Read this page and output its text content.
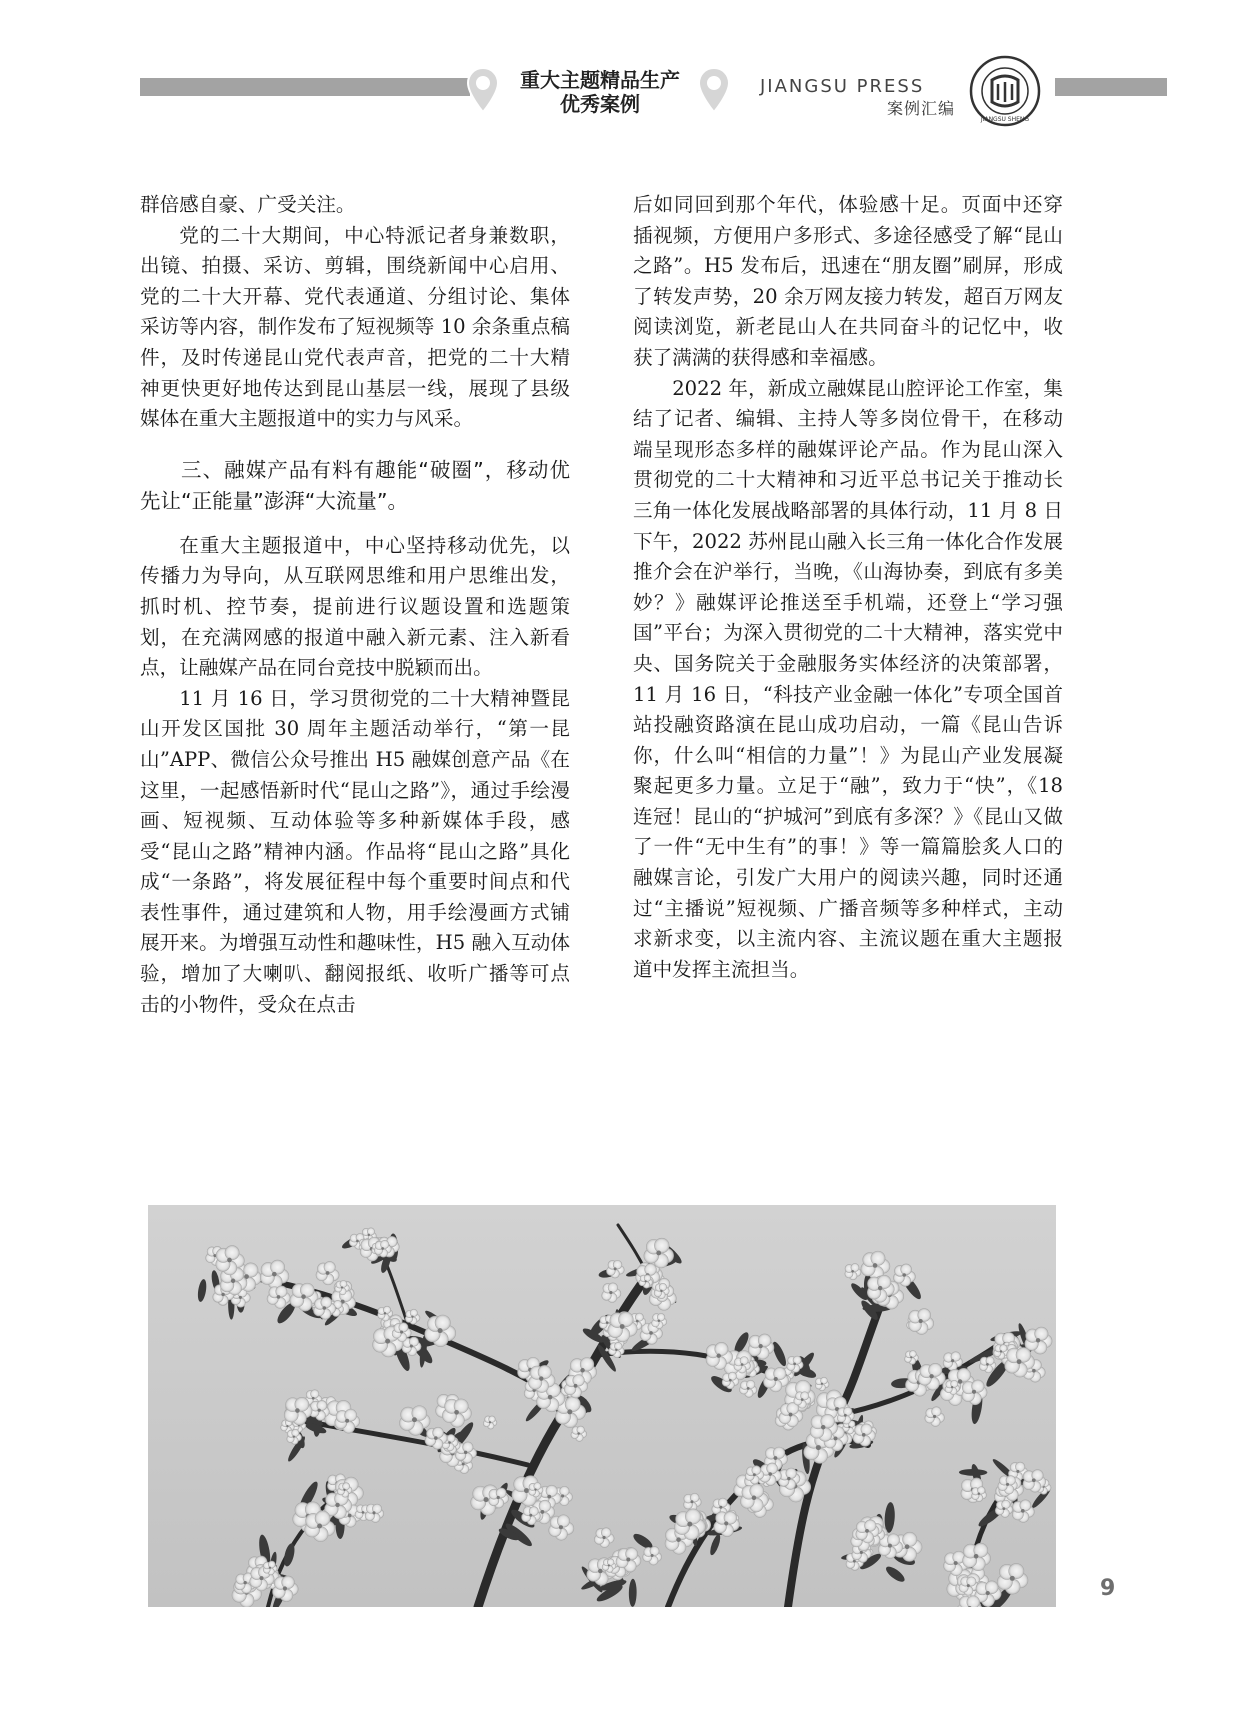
重大主题精品生产
优秀案例
JIANGSU PRESS
案例汇编
JIANGSU SHENG

群倍感自豪、广受关注。

党的二十大期间，中心特派记者身兼数职，出镜、拍摄、采访、剪辑，围绕新闻中心启用、党的二十大开幕、党代表通道、分组讨论、集体采访等内容，制作发布了短视频等 10 余条重点稿件，及时传递昆山党代表声音，把党的二十大精神更快更好地传达到昆山基层一线，展现了县级媒体在重大主题报道中的实力与风采。

三、融媒产品有料有趣能“破圈”，移动优先让“正能量”澎湃“大流量”。

在重大主题报道中，中心坚持移动优先，以传播力为导向，从互联网思维和用户思维出发，抓时机、控节奏，提前进行议题设置和选题策划，在充满网感的报道中融入新元素、注入新看点，让融媒产品在同台竞技中脱颖而出。

11 月 16 日，学习贯彻党的二十大精神暨昆山开发区国批 30 周年主题活动举行，“第一昆山”APP、微信公众号推出 H5 融媒创意产品《在这里，一起感悟新时代“昆山之路”》，通过手绘漫画、短视频、互动体验等多种新媒体手段，感受“昆山之路”精神内涵。作品将“昆山之路”具化成“一条路”，将发展征程中每个重要时间点和代表性事件，通过建筑和人物，用手绘漫画方式铺展开来。为增强互动性和趣味性，H5 融入互动体验，增加了大喇叭、翻阅报纸、收听广播等可点击的小物件，受众在点击

后如同回到那个年代，体验感十足。页面中还穿插视频，方便用户多形式、多途径感受了解“昆山之路”。H5 发布后，迅速在“朋友圈”刷屏，形成了转发声势，20 余万网友接力转发，超百万网友阅读浏览，新老昆山人在共同奋斗的记忆中，收获了满满的获得感和幸福感。

2022 年，新成立融媒昆山腔评论工作室，集结了记者、编辑、主持人等多岗位骨干，在移动端呈现形态多样的融媒评论产品。作为昆山深入贯彻党的二十大精神和习近平总书记关于推动长三角一体化发展战略部署的具体行动，11 月 8 日下午，2022 苏州昆山融入长三角一体化合作发展推介会在沪举行，当晚，《山海协奏，到底有多美妙？》融媒评论推送至手机端，还登上“学习强国”平台；为深入贯彻党的二十大精神，落实党中央、国务院关于金融服务实体经济的决策部署， 11 月 16 日，“科技产业金融一体化”专项全国首站投融资路演在昆山成功启动，一篇《昆山告诉你，什么叫“相信的力量”！》为昆山产业发展凝聚起更多力量。立足于“融”，致力于“快”，《18 连冠！昆山的“护城河”到底有多深？》《昆山又做了一件“无中生有”的事！》等一篇篇脍炙人口的融媒言论，引发广大用户的阅读兴趣，同时还通过“主播说”短视频、广播音频等多种样式，主动求新求变，以主流内容、主流议题在重大主题报道中发挥主流担当。

9
